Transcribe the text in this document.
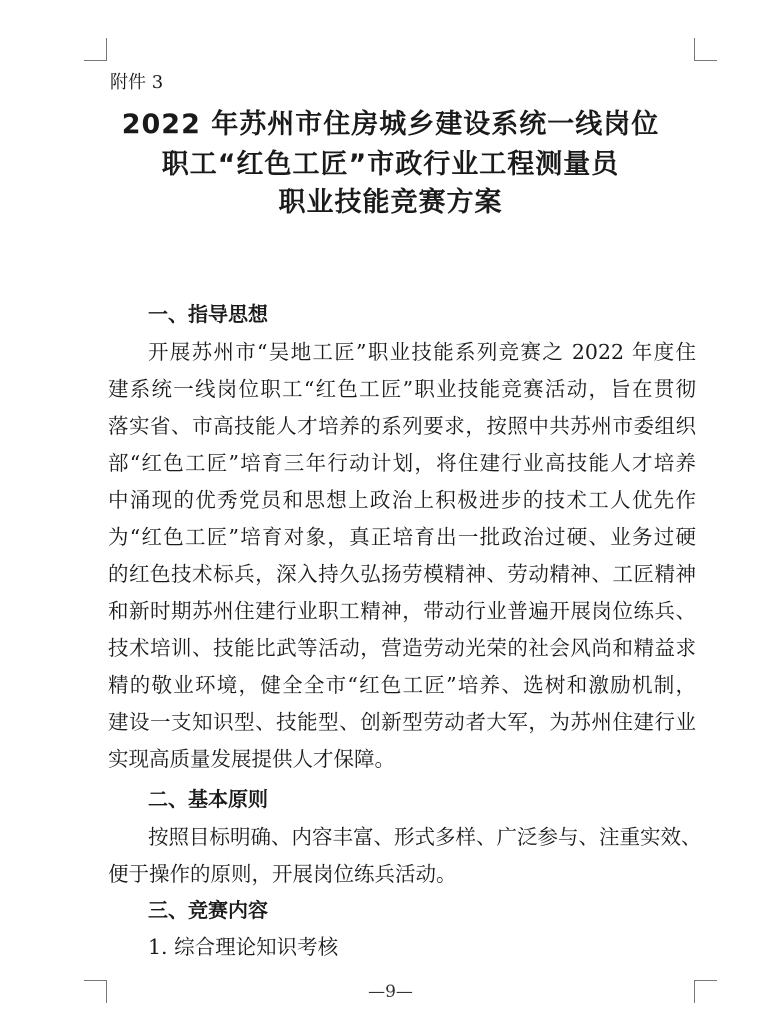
附件 3
2022 年苏州市住房城乡建设系统一线岗位
职工“红色工匠”市政行业工程测量员
职业技能竞赛方案
一、指导思想
开展苏州市“吴地工匠”职业技能系列竞赛之 2022 年度住
建系统一线岗位职工“红色工匠”职业技能竞赛活动，旨在贯彻
落实省、市高技能人才培养的系列要求，按照中共苏州市委组织
部“红色工匠”培育三年行动计划，将住建行业高技能人才培养
中涌现的优秀党员和思想上政治上积极进步的技术工人优先作
为“红色工匠”培育对象，真正培育出一批政治过硬、业务过硬
的红色技术标兵，深入持久弘扬劳模精神、劳动精神、工匠精神
和新时期苏州住建行业职工精神，带动行业普遍开展岗位练兵、
技术培训、技能比武等活动，营造劳动光荣的社会风尚和精益求
精的敬业环境，健全全市“红色工匠”培养、选树和激励机制，
建设一支知识型、技能型、创新型劳动者大军，为苏州住建行业
实现高质量发展提供人才保障。
二、基本原则
按照目标明确、内容丰富、形式多样、广泛参与、注重实效、
便于操作的原则，开展岗位练兵活动。
三、竞赛内容
1. 综合理论知识考核
—9—
